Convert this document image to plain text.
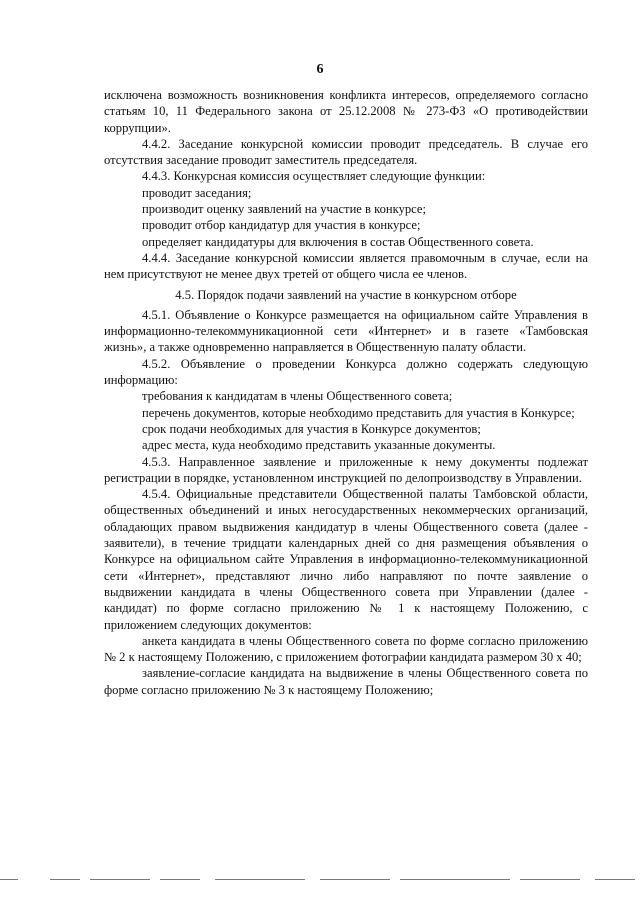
6

исключена возможность возникновения конфликта интересов, определяемого согласно статьям 10, 11 Федерального закона от 25.12.2008 № 273-ФЗ «О противодействии коррупции».

4.4.2. Заседание конкурсной комиссии проводит председатель. В случае его отсутствия заседание проводит заместитель председателя.

4.4.3. Конкурсная комиссия осуществляет следующие функции:

проводит заседания;

производит оценку заявлений на участие в конкурсе;

проводит отбор кандидатур для участия в конкурсе;

определяет кандидатуры для включения в состав Общественного совета.

4.4.4. Заседание конкурсной комиссии является правомочным в случае, если на нем присутствуют не менее двух третей от общего числа ее членов.

4.5. Порядок подачи заявлений на участие в конкурсном отборе

4.5.1. Объявление о Конкурсе размещается на официальном сайте Управления в информационно-телекоммуникационной сети «Интернет» и в газете «Тамбовская жизнь», а также одновременно направляется в Общественную палату области.

4.5.2. Объявление о проведении Конкурса должно содержать следующую информацию:

требования к кандидатам в члены Общественного совета;

перечень документов, которые необходимо представить для участия в Конкурсе;

срок подачи необходимых для участия в Конкурсе документов;

адрес места, куда необходимо представить указанные документы.

4.5.3. Направленное заявление и приложенные к нему документы подлежат регистрации в порядке, установленном инструкцией по делопроизводству в Управлении.

4.5.4. Официальные представители Общественной палаты Тамбовской области, общественных объединений и иных негосударственных некоммерческих организаций, обладающих правом выдвижения кандидатур в члены Общественного совета (далее - заявители), в течение тридцати календарных дней со дня размещения объявления о Конкурсе на официальном сайте Управления в информационно-телекоммуникационной сети «Интернет», представляют лично либо направляют по почте заявление о выдвижении кандидата в члены Общественного совета при Управлении (далее - кандидат) по форме согласно приложению № 1 к настоящему Положению, с приложением следующих документов:

анкета кандидата в члены Общественного совета по форме согласно приложению № 2 к настоящему Положению, с приложением фотографии кандидата размером 30 x 40;

заявление-согласие кандидата на выдвижение в члены Общественного совета по форме согласно приложению № 3 к настоящему Положению;
